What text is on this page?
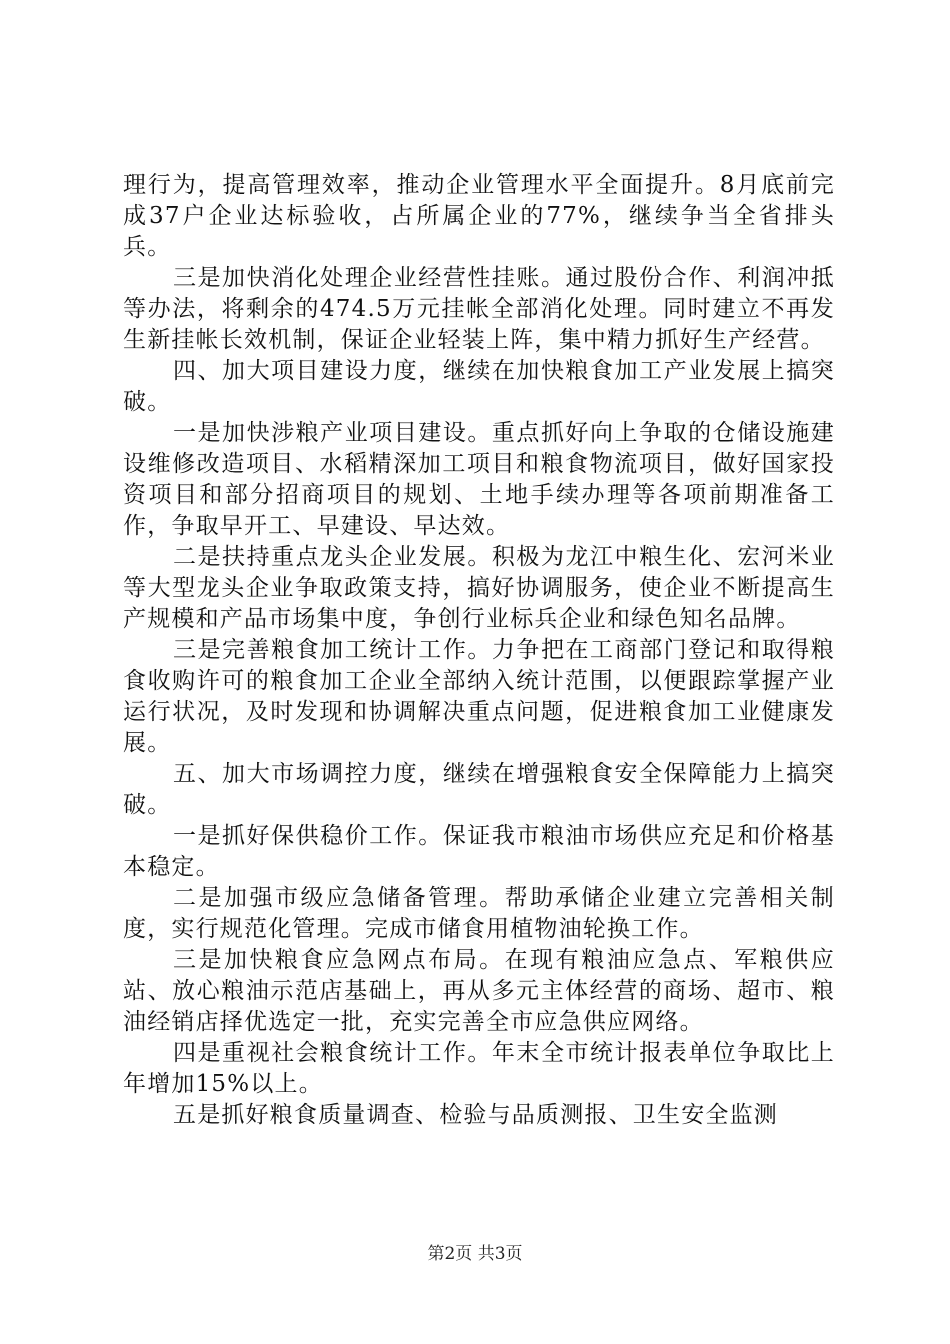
理行为，提高管理效率，推动企业管理水平全面提升。8月底前完成37户企业达标验收，占所属企业的77%，继续争当全省排头兵。

三是加快消化处理企业经营性挂账。通过股份合作、利润冲抵等办法，将剩余的474.5万元挂帐全部消化处理。同时建立不再发生新挂帐长效机制，保证企业轻装上阵，集中精力抓好生产经营。

四、加大项目建设力度，继续在加快粮食加工产业发展上搞突破。

一是加快涉粮产业项目建设。重点抓好向上争取的仓储设施建设维修改造项目、水稻精深加工项目和粮食物流项目，做好国家投资项目和部分招商项目的规划、土地手续办理等各项前期准备工作，争取早开工、早建设、早达效。

二是扶持重点龙头企业发展。积极为龙江中粮生化、宏河米业等大型龙头企业争取政策支持，搞好协调服务，使企业不断提高生产规模和产品市场集中度，争创行业标兵企业和绿色知名品牌。

三是完善粮食加工统计工作。力争把在工商部门登记和取得粮食收购许可的粮食加工企业全部纳入统计范围，以便跟踪掌握产业运行状况，及时发现和协调解决重点问题，促进粮食加工业健康发展。

五、加大市场调控力度，继续在增强粮食安全保障能力上搞突破。

一是抓好保供稳价工作。保证我市粮油市场供应充足和价格基本稳定。

二是加强市级应急储备管理。帮助承储企业建立完善相关制度，实行规范化管理。完成市储食用植物油轮换工作。

三是加快粮食应急网点布局。在现有粮油应急点、军粮供应站、放心粮油示范店基础上，再从多元主体经营的商场、超市、粮油经销店择优选定一批，充实完善全市应急供应网络。

四是重视社会粮食统计工作。年末全市统计报表单位争取比上年增加15%以上。

五是抓好粮食质量调查、检验与品质测报、卫生安全监测

第2页 共3页
